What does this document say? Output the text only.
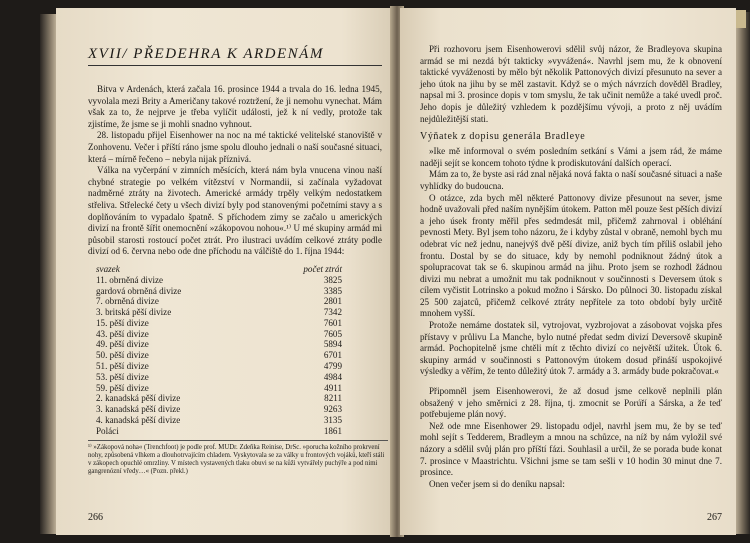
XVII/ PŘEDEHRA K ARDENÁM

Bitva v Ardenách, která začala 16. prosince 1944 a trvala do 16. ledna 1945, vyvolala mezi Brity a Američany takové roztržení, že ji nemohu vynechat. Mám však za to, že nejprve je třeba vylíčit události, jež k ní vedly, protože tak zjistíme, že jsme se ji mohli snadno vyhnout.

28. listopadu přijel Eisenhower na noc na mé taktické velitelské stanoviště v Zonhovenu. Večer i příští ráno jsme spolu dlouho jednali o naší současné situaci, která – mírně řečeno – nebyla nijak příznivá.

Válka na vyčerpání v zimních měsících, která nám byla vnucena vinou naší chybné strategie po velkém vítězství v Normandii, si začínala vyžadovat nadměrné ztráty na životech. Americké armády trpěly velkým nedostatkem střeliva. Střelecké čety u všech divizí byly pod stanovenými početními stavy a s doplňováním to vypadalo špatně. S příchodem zimy se začalo u amerických divizí na frontě šířit onemocnění »zákopovou nohou«.¹⁾ U mé skupiny armád mi působil starosti rostoucí počet ztrát. Pro ilustraci uvádím celkové ztráty podle divizí od 6. června nebo ode dne příchodu na válčiště do 1. října 1944:

svazek	počet ztrát
11. obrněná divize	3825
gardová obrněná divize	3385
7. obrněná divize	2801
3. britská pěší divize	7342
15. pěší divize	7601
43. pěší divize	7605
49. pěší divize	5894
50. pěší divize	6701
51. pěší divize	4799
53. pěší divize	4984
59. pěší divize	4911
2. kanadská pěší divize	8211
3. kanadská pěší divize	9263
4. kanadská pěší divize	3135
Poláci	1861
¹⁾ »Zákopová noha« (Trenchfoot) je podle prof. MUDr. Zdeňka Reinise, DrSc. »porucha kožního prokrvení nohy, způsobená vlhkem a dlouhotrvajícím chladem. Vyskytovala se za války u frontových vojáků, kteří stáli v zákopech opuchlé omrzliny. V místech vystavených tlaku obuvi se na kůži vytvářely puchýře a pod nimi gangrenózní vředy…« (Pozn. překl.)
266

Při rozhovoru jsem Eisenhowerovi sdělil svůj názor, že Bradleyova skupina armád se mi nezdá být takticky »vyvážená«. Navrhl jsem mu, že k obnovení taktické vyváženosti by mělo být několik Pattonových divizí přesunuto na sever a jeho útok na jihu by se měl zastavit. Když se o mých návrzích dověděl Bradley, napsal mi 3. prosince dopis v tom smyslu, že tak učinit nemůže a také uvedl proč. Jeho dopis je důležitý vzhledem k pozdějšímu vývoji, a proto z něj uvádím nejdůležitější stati.

Výňatek z dopisu generála Bradleye

»Ike mě informoval o svém posledním setkání s Vámi a jsem rád, že máme naději sejít se koncem tohoto týdne k prodiskutování dalších operací.

Mám za to, že byste asi rád znal nějaká nová fakta o naší současné situaci a naše vyhlídky do budoucna.

O otázce, zda bych měl některé Pattonovy divize přesunout na sever, jsme hodně uvažovali před naším nynějším útokem. Patton měl pouze šest pěších divizí a jeho úsek fronty měřil přes sedmdesát mil, přičemž zahrnoval i obléhání pevnosti Mety. Byl jsem toho názoru, že i kdyby zůstal v obraně, nemohl bych mu odebrat víc než jednu, nanejvýš dvě pěší divize, aniž bych tím příliš oslabil jeho frontu. Dostal by se do situace, kdy by nemohl podniknout žádný útok a spolupracovat tak se 6. skupinou armád na jihu. Proto jsem se rozhodl žádnou divizi mu nebrat a umožnit mu tak podniknout v součinnosti s Deversem útok s cílem vyčistit Lotrinsko a pokud možno i Sársko. Do půlnoci 30. listopadu získal 25 500 zajatců, přičemž celkové ztráty nepřítele za toto období byly určitě mnohem vyšší.

Protože nemáme dostatek sil, vytrojovat, vyzbrojovat a zásobovat vojska přes přístavy v průlivu La Manche, bylo nutné předat sedm divizí Deversově skupině armád. Pochopitelně jsme chtěli mít z těchto divizí co největší užitek. Útok 6. skupiny armád v součinnosti s Pattonovým útokem dosud přináší uspokojivé výsledky a věřím, že tento důležitý útok 7. armády a 3. armády bude pokračovat.«

Připomněl jsem Eisenhowerovi, že až dosud jsme celkově neplnili plán obsažený v jeho směrnici z 28. října, tj. zmocnit se Porúří a Sárska, a že teď potřebujeme plán nový.

Než ode mne Eisenhower 29. listopadu odjel, navrhl jsem mu, že by se teď mohl sejít s Tedderem, Bradleym a mnou na schůzce, na níž by nám vyložil své názory a sdělil svůj plán pro příští fázi. Souhlasil a určil, že se porada bude konat 7. prosince v Maastrichtu. Všichni jsme se tam sešli v 10 hodin 30 minut dne 7. prosince.

Onen večer jsem si do deníku napsal:

267
